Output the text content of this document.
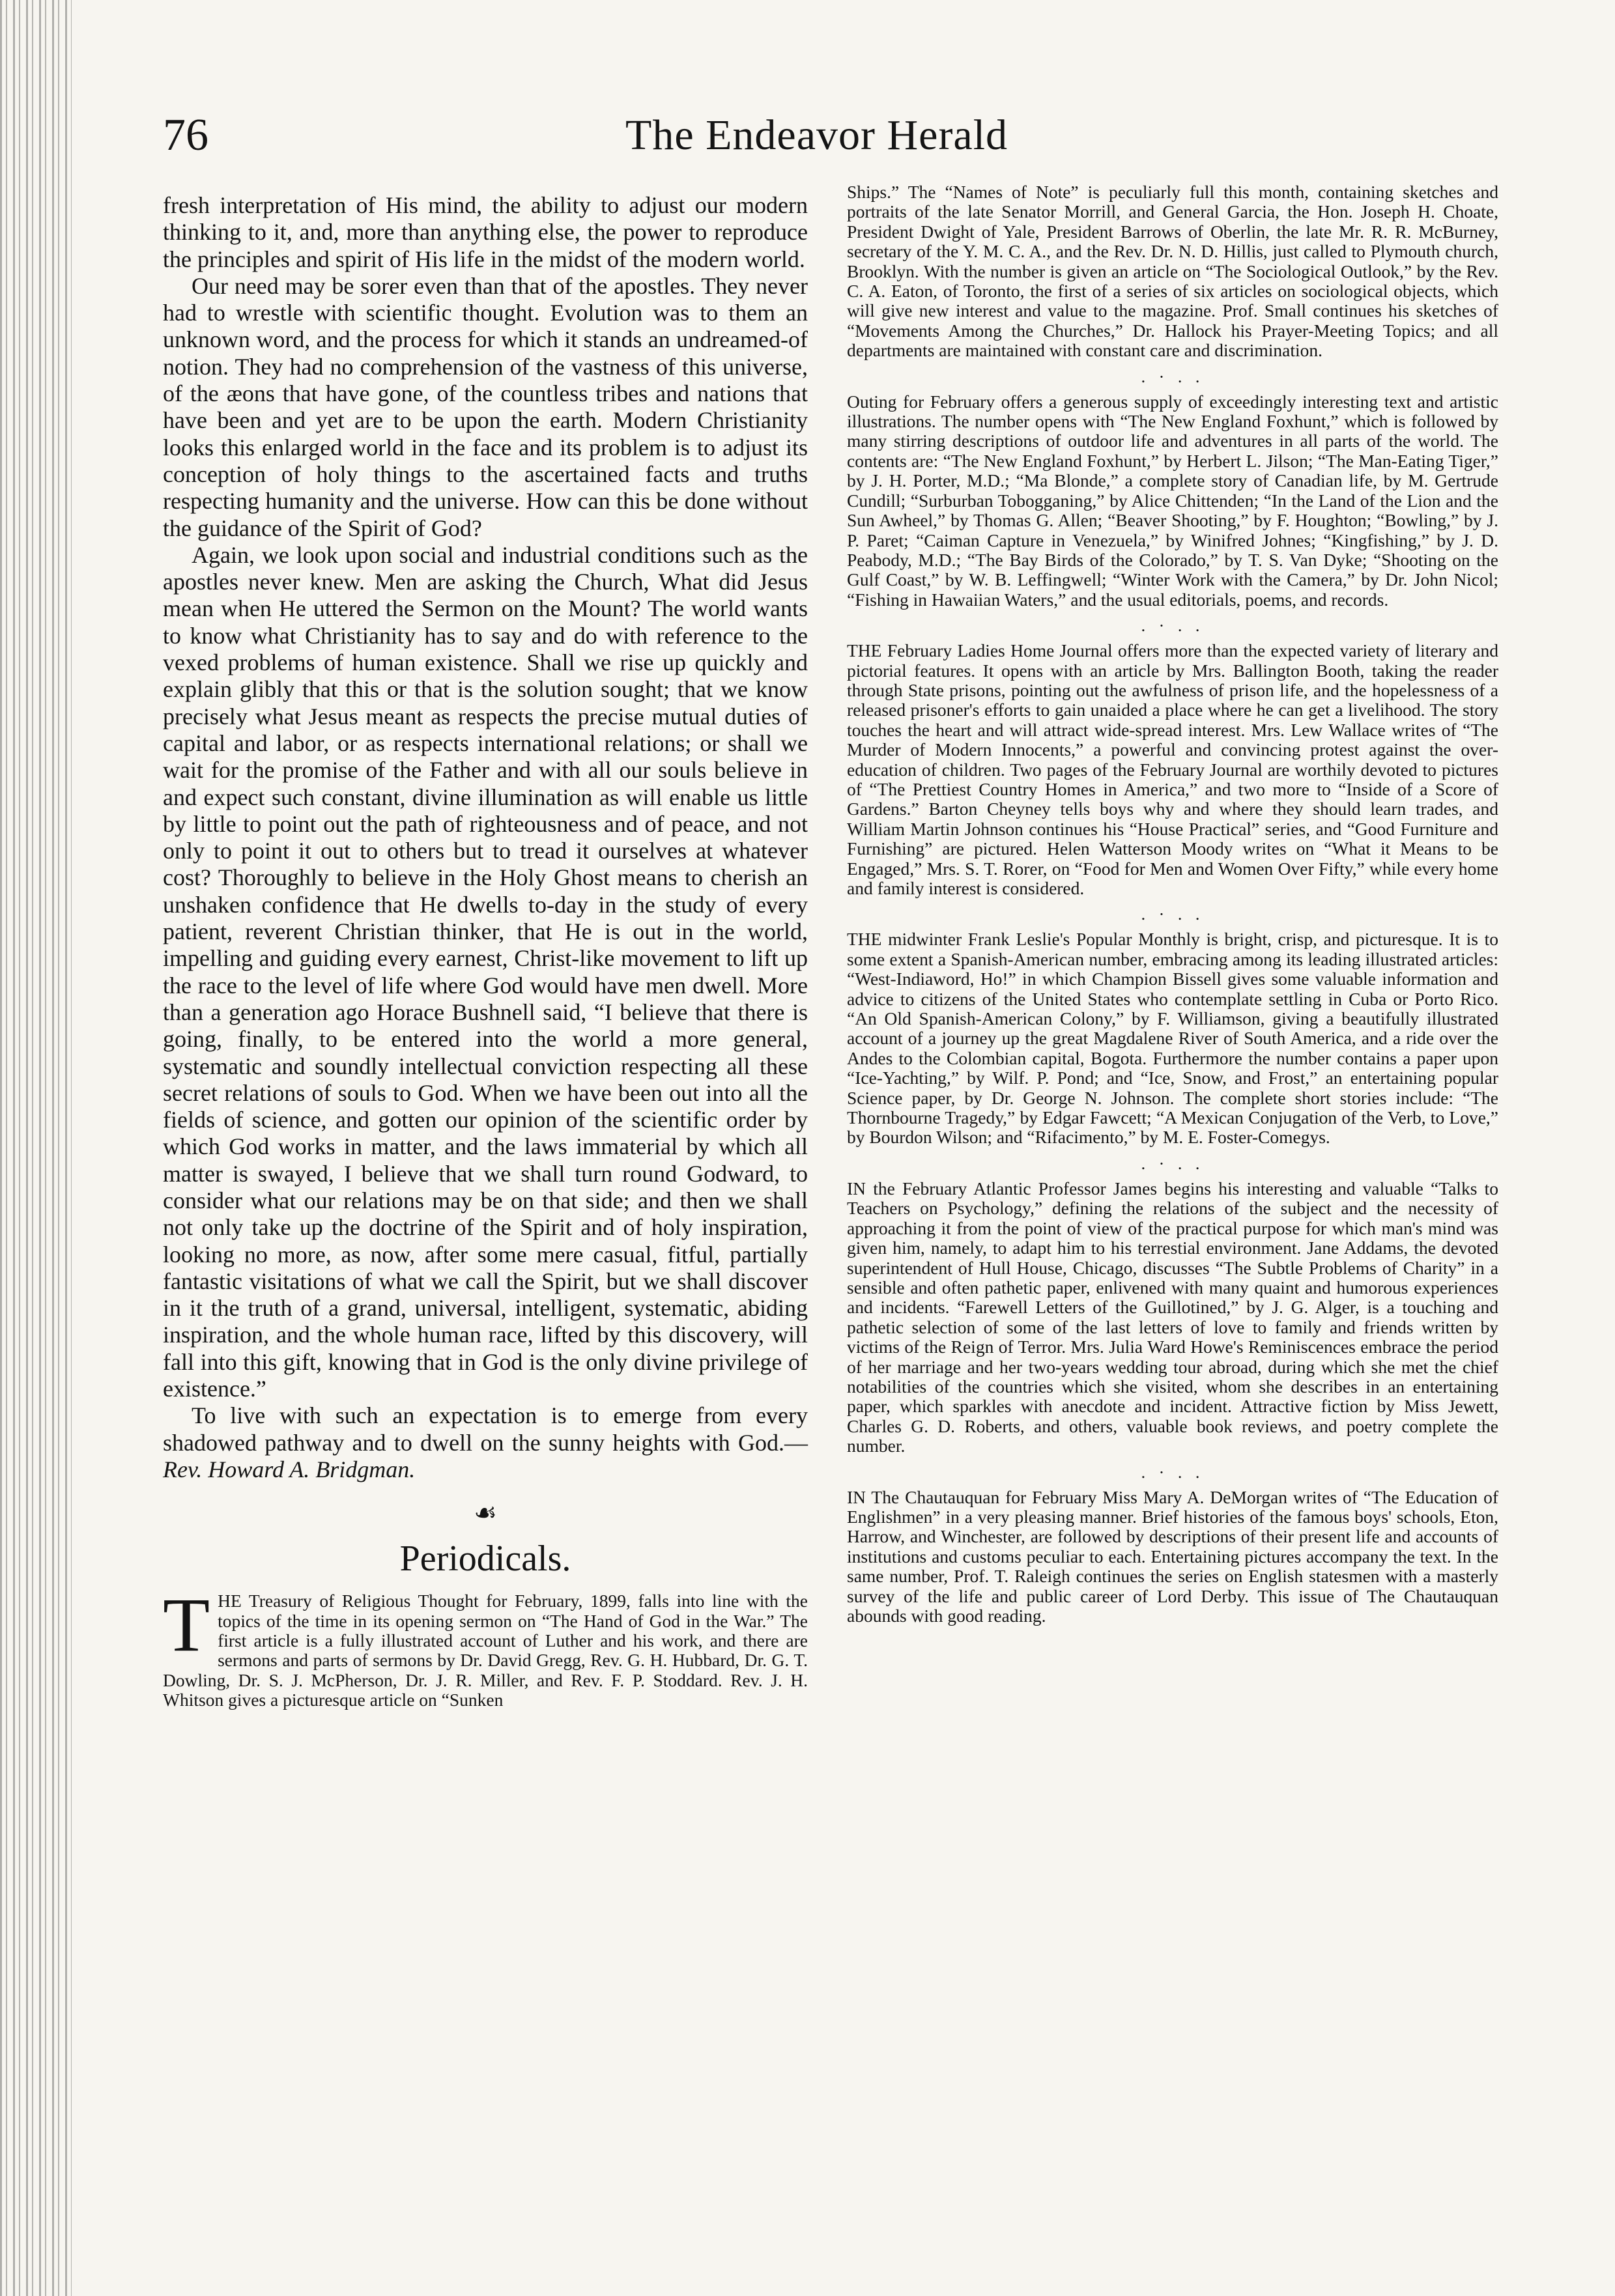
76	The Endeavor Herald

fresh interpretation of His mind, the ability to adjust our modern thinking to it, and, more than anything else, the power to reproduce the principles and spirit of His life in the midst of the modern world.

Our need may be sorer even than that of the apostles. They never had to wrestle with scientific thought. Evolution was to them an unknown word, and the process for which it stands an undreamed-of notion. They had no comprehension of the vastness of this universe, of the æons that have gone, of the countless tribes and nations that have been and yet are to be upon the earth. Modern Christianity looks this enlarged world in the face and its problem is to adjust its conception of holy things to the ascertained facts and truths respecting humanity and the universe. How can this be done without the guidance of the Spirit of God?

Again, we look upon social and industrial conditions such as the apostles never knew. Men are asking the Church, What did Jesus mean when He uttered the Sermon on the Mount? The world wants to know what Christianity has to say and do with reference to the vexed problems of human existence. Shall we rise up quickly and explain glibly that this or that is the solution sought; that we know precisely what Jesus meant as respects the precise mutual duties of capital and labor, or as respects international relations; or shall we wait for the promise of the Father and with all our souls believe in and expect such constant, divine illumination as will enable us little by little to point out the path of righteousness and of peace, and not only to point it out to others but to tread it ourselves at whatever cost? Thoroughly to believe in the Holy Ghost means to cherish an unshaken confidence that He dwells to-day in the study of every patient, reverent Christian thinker, that He is out in the world, impelling and guiding every earnest, Christ-like movement to lift up the race to the level of life where God would have men dwell. More than a generation ago Horace Bushnell said, “I believe that there is going, finally, to be entered into the world a more general, systematic and soundly intellectual conviction respecting all these secret relations of souls to God. When we have been out into all the fields of science, and gotten our opinion of the scientific order by which God works in matter, and the laws immaterial by which all matter is swayed, I believe that we shall turn round Godward, to consider what our relations may be on that side; and then we shall not only take up the doctrine of the Spirit and of holy inspiration, looking no more, as now, after some mere casual, fitful, partially fantastic visitations of what we call the Spirit, but we shall discover in it the truth of a grand, universal, intelligent, systematic, abiding inspiration, and the whole human race, lifted by this discovery, will fall into this gift, knowing that in God is the only divine privilege of existence.”

To live with such an expectation is to emerge from every shadowed pathway and to dwell on the sunny heights with God.—Rev. Howard A. Bridgman.

☙
Periodicals.
THE Treasury of Religious Thought for February, 1899, falls into line with the topics of the time in its opening sermon on “The Hand of God in the War.” The first article is a fully illustrated account of Luther and his work, and there are sermons and parts of sermons by Dr. David Gregg, Rev. G. H. Hubbard, Dr. G. T. Dowling, Dr. S. J. McPherson, Dr. J. R. Miller, and Rev. F. P. Stoddard. Rev. J. H. Whitson gives a picturesque article on “Sunken

Ships.” The “Names of Note” is peculiarly full this month, containing sketches and portraits of the late Senator Morrill, and General Garcia, the Hon. Joseph H. Choate, President Dwight of Yale, President Barrows of Oberlin, the late Mr. R. R. McBurney, secretary of the Y. M. C. A., and the Rev. Dr. N. D. Hillis, just called to Plymouth church, Brooklyn. With the number is given an article on “The Sociological Outlook,” by the Rev. C. A. Eaton, of Toronto, the first of a series of six articles on sociological objects, which will give new interest and value to the magazine. Prof. Small continues his sketches of “Movements Among the Churches,” Dr. Hallock his Prayer-Meeting Topics; and all departments are maintained with constant care and discrimination.

. · . .

Outing for February offers a generous supply of exceedingly interesting text and artistic illustrations. The number opens with “The New England Foxhunt,” which is followed by many stirring descriptions of outdoor life and adventures in all parts of the world. The contents are: “The New England Foxhunt,” by Herbert L. Jilson; “The Man-Eating Tiger,” by J. H. Porter, M.D.; “Ma Blonde,” a complete story of Canadian life, by M. Gertrude Cundill; “Surburban Tobogganing,” by Alice Chittenden; “In the Land of the Lion and the Sun Awheel,” by Thomas G. Allen; “Beaver Shooting,” by F. Houghton; “Bowling,” by J. P. Paret; “Caiman Capture in Venezuela,” by Winifred Johnes; “Kingfishing,” by J. D. Peabody, M.D.; “The Bay Birds of the Colorado,” by T. S. Van Dyke; “Shooting on the Gulf Coast,” by W. B. Leffingwell; “Winter Work with the Camera,” by Dr. John Nicol; “Fishing in Hawaiian Waters,” and the usual editorials, poems, and records.

. · . .

THE February Ladies Home Journal offers more than the expected variety of literary and pictorial features. It opens with an article by Mrs. Ballington Booth, taking the reader through State prisons, pointing out the awfulness of prison life, and the hopelessness of a released prisoner's efforts to gain unaided a place where he can get a livelihood. The story touches the heart and will attract wide-spread interest. Mrs. Lew Wallace writes of “The Murder of Modern Innocents,” a powerful and convincing protest against the over-education of children. Two pages of the February Journal are worthily devoted to pictures of “The Prettiest Country Homes in America,” and two more to “Inside of a Score of Gardens.” Barton Cheyney tells boys why and where they should learn trades, and William Martin Johnson continues his “House Practical” series, and “Good Furniture and Furnishing” are pictured. Helen Watterson Moody writes on “What it Means to be Engaged,” Mrs. S. T. Rorer, on “Food for Men and Women Over Fifty,” while every home and family interest is considered.

. · . .

THE midwinter Frank Leslie's Popular Monthly is bright, crisp, and picturesque. It is to some extent a Spanish-American number, embracing among its leading illustrated articles: “West-Indiaword, Ho!” in which Champion Bissell gives some valuable information and advice to citizens of the United States who contemplate settling in Cuba or Porto Rico. “An Old Spanish-American Colony,” by F. Williamson, giving a beautifully illustrated account of a journey up the great Magdalene River of South America, and a ride over the Andes to the Colombian capital, Bogota. Furthermore the number contains a paper upon “Ice-Yachting,” by Wilf. P. Pond; and “Ice, Snow, and Frost,” an entertaining popular Science paper, by Dr. George N. Johnson. The complete short stories include: “The Thornbourne Tragedy,” by Edgar Fawcett; “A Mexican Conjugation of the Verb, to Love,” by Bourdon Wilson; and “Rifacimento,” by M. E. Foster-Comegys.

. · . .

IN the February Atlantic Professor James begins his interesting and valuable “Talks to Teachers on Psychology,” defining the relations of the subject and the necessity of approaching it from the point of view of the practical purpose for which man's mind was given him, namely, to adapt him to his terrestial environment. Jane Addams, the devoted superintendent of Hull House, Chicago, discusses “The Subtle Problems of Charity” in a sensible and often pathetic paper, enlivened with many quaint and humorous experiences and incidents. “Farewell Letters of the Guillotined,” by J. G. Alger, is a touching and pathetic selection of some of the last letters of love to family and friends written by victims of the Reign of Terror. Mrs. Julia Ward Howe's Reminiscences embrace the period of her marriage and her two-years wedding tour abroad, during which she met the chief notabilities of the countries which she visited, whom she describes in an entertaining paper, which sparkles with anecdote and incident. Attractive fiction by Miss Jewett, Charles G. D. Roberts, and others, valuable book reviews, and poetry complete the number.

. · . .

IN The Chautauquan for February Miss Mary A. DeMorgan writes of “The Education of Englishmen” in a very pleasing manner. Brief histories of the famous boys' schools, Eton, Harrow, and Winchester, are followed by descriptions of their present life and accounts of institutions and customs peculiar to each. Entertaining pictures accompany the text. In the same number, Prof. T. Raleigh continues the series on English statesmen with a masterly survey of the life and public career of Lord Derby. This issue of The Chautauquan abounds with good reading.
